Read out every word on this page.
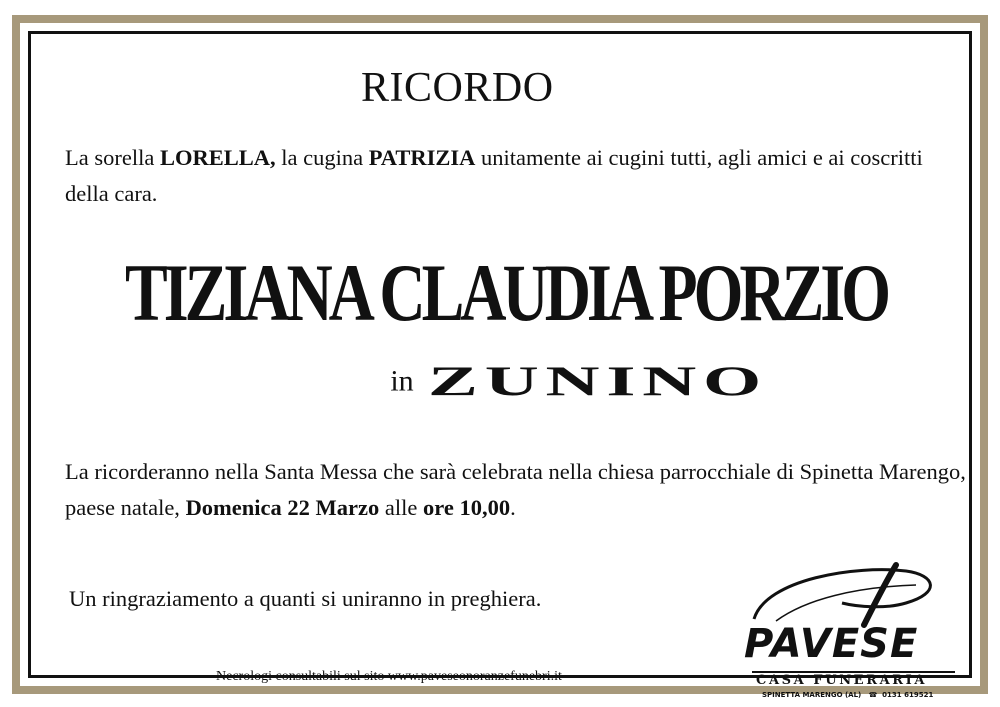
RICORDO

La sorella LORELLA, la cugina PATRIZIA unitamente ai cugini tutti, agli amici e ai coscritti della cara.

TIZIANA CLAUDIA PORZIO
in ZUNINO

La ricorderanno nella Santa Messa che sarà celebrata nella chiesa parrocchiale di Spinetta Marengo, paese natale, Domenica 22 Marzo alle ore 10,00.

Un ringraziamento a quanti si uniranno in preghiera.

Necrologi consultabili sul sito www.paveseonoranzefunebri.it
PAVESE
CASA FUNERARIA
SPINETTA MARENGO (AL)   ☎  0131 619521
